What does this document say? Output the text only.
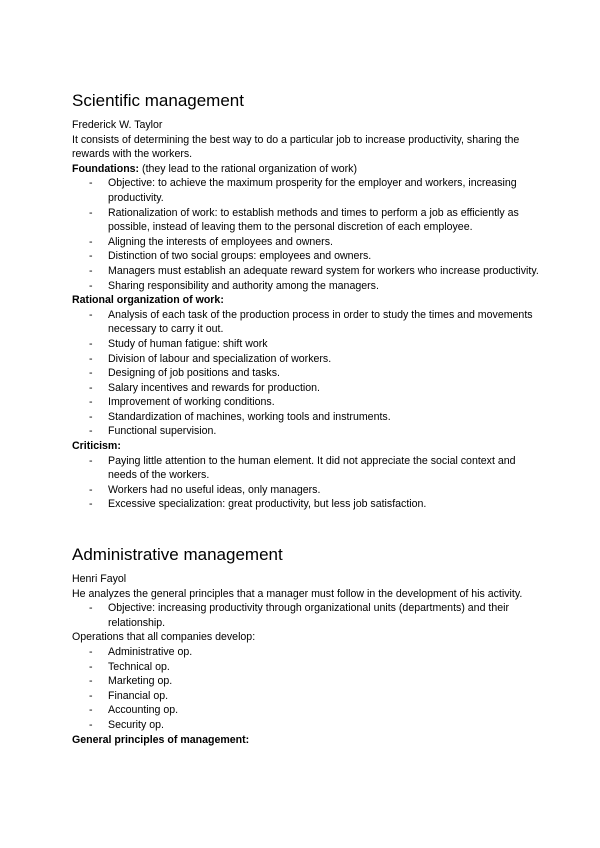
Scientific management

Frederick W. Taylor

It consists of determining the best way to do a particular job to increase productivity, sharing the rewards with the workers.

Foundations: (they lead to the rational organization of work)

- Objective: to achieve the maximum prosperity for the employer and workers, increasing productivity.
- Rationalization of work: to establish methods and times to perform a job as efficiently as possible, instead of leaving them to the personal discretion of each employee.
- Aligning the interests of employees and owners.
- Distinction of two social groups: employees and owners.
- Managers must establish an adequate reward system for workers who increase productivity.
- Sharing responsibility and authority among the managers.

Rational organization of work:

- Analysis of each task of the production process in order to study the times and movements necessary to carry it out.
- Study of human fatigue: shift work
- Division of labour and specialization of workers.
- Designing of job positions and tasks.
- Salary incentives and rewards for production.
- Improvement of working conditions.
- Standardization of machines, working tools and instruments.
- Functional supervision.

Criticism:

- Paying little attention to the human element. It did not appreciate the social context and needs of the workers.
- Workers had no useful ideas, only managers.
- Excessive specialization: great productivity, but less job satisfaction.
Administrative management

Henri Fayol

He analyzes the general principles that a manager must follow in the development of his activity.

- Objective: increasing productivity through organizational units (departments) and their relationship.

Operations that all companies develop:

- Administrative op.
- Technical op.
- Marketing op.
- Financial op.
- Accounting op.
- Security op.

General principles of management:
